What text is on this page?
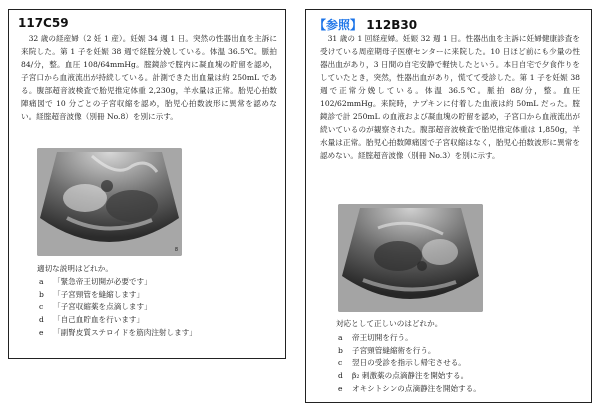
117C59

32 歳の経産婦（2 妊 1 産）。妊娠 34 週 1 日。突然の性器出血を主訴に来院した。第 1 子を妊娠 38 週で経腟分娩している。体温 36.5℃。脈拍 84/分，整。血圧 108/64mmHg。腟鏡診で腟内に凝血塊の貯留を認め，子宮口から血液流出が持続している。計測できた出血量は約 250mL である。腹部超音波検査で胎児推定体重 2,230g，羊水量は正常。胎児心拍数陣痛図で 10 分ごとの子宮収縮を認め，胎児心拍数波形に異常を認めない。経腟超音波像（別冊 No.8）を別に示す。

8
適切な説明はどれか。
a	「緊急帝王切開が必要です」
b	「子宮頸管を縫縮します」
c	「子宮収縮薬を点滴します」
d	「自己血貯血を行います」
e	「副腎皮質ステロイドを筋肉注射します」
【参照】 112B30

31 歳の 1 回経産婦。妊娠 32 週 1 日。性器出血を主訴に妊婦健康診査を受けている周産期母子医療センターに来院した。10 日ほど前にも少量の性器出血があり，3 日間の自宅安静で軽快したという。本日自宅で夕食作りをしていたとき，突然，性器出血があり，慌てて受診した。第 1 子を妊娠 38 週で正常分娩している。体温 36.5℃。脈拍 88/分，整。血圧 102/62mmHg。来院時，ナプキンに付着した血液は約 50mL だった。腟鏡診で計 250mL の血液および凝血塊の貯留を認め，子宮口から血液流出が続いているのが観察された。腹部超音波検査で胎児推定体重は 1,850g，羊水量は正常。胎児心拍数陣痛図で子宮収縮はなく，胎児心拍数波形に異常を認めない。経腟超音波像（別冊 No.3）を別に示す。

対応として正しいのはどれか。
a	帝王切開を行う。
b	子宮頸管縫縮術を行う。
c	翌日の受診を指示し帰宅させる。
d	β₂ 刺激薬の点滴静注を開始する。
e	オキシトシンの点滴静注を開始する。
